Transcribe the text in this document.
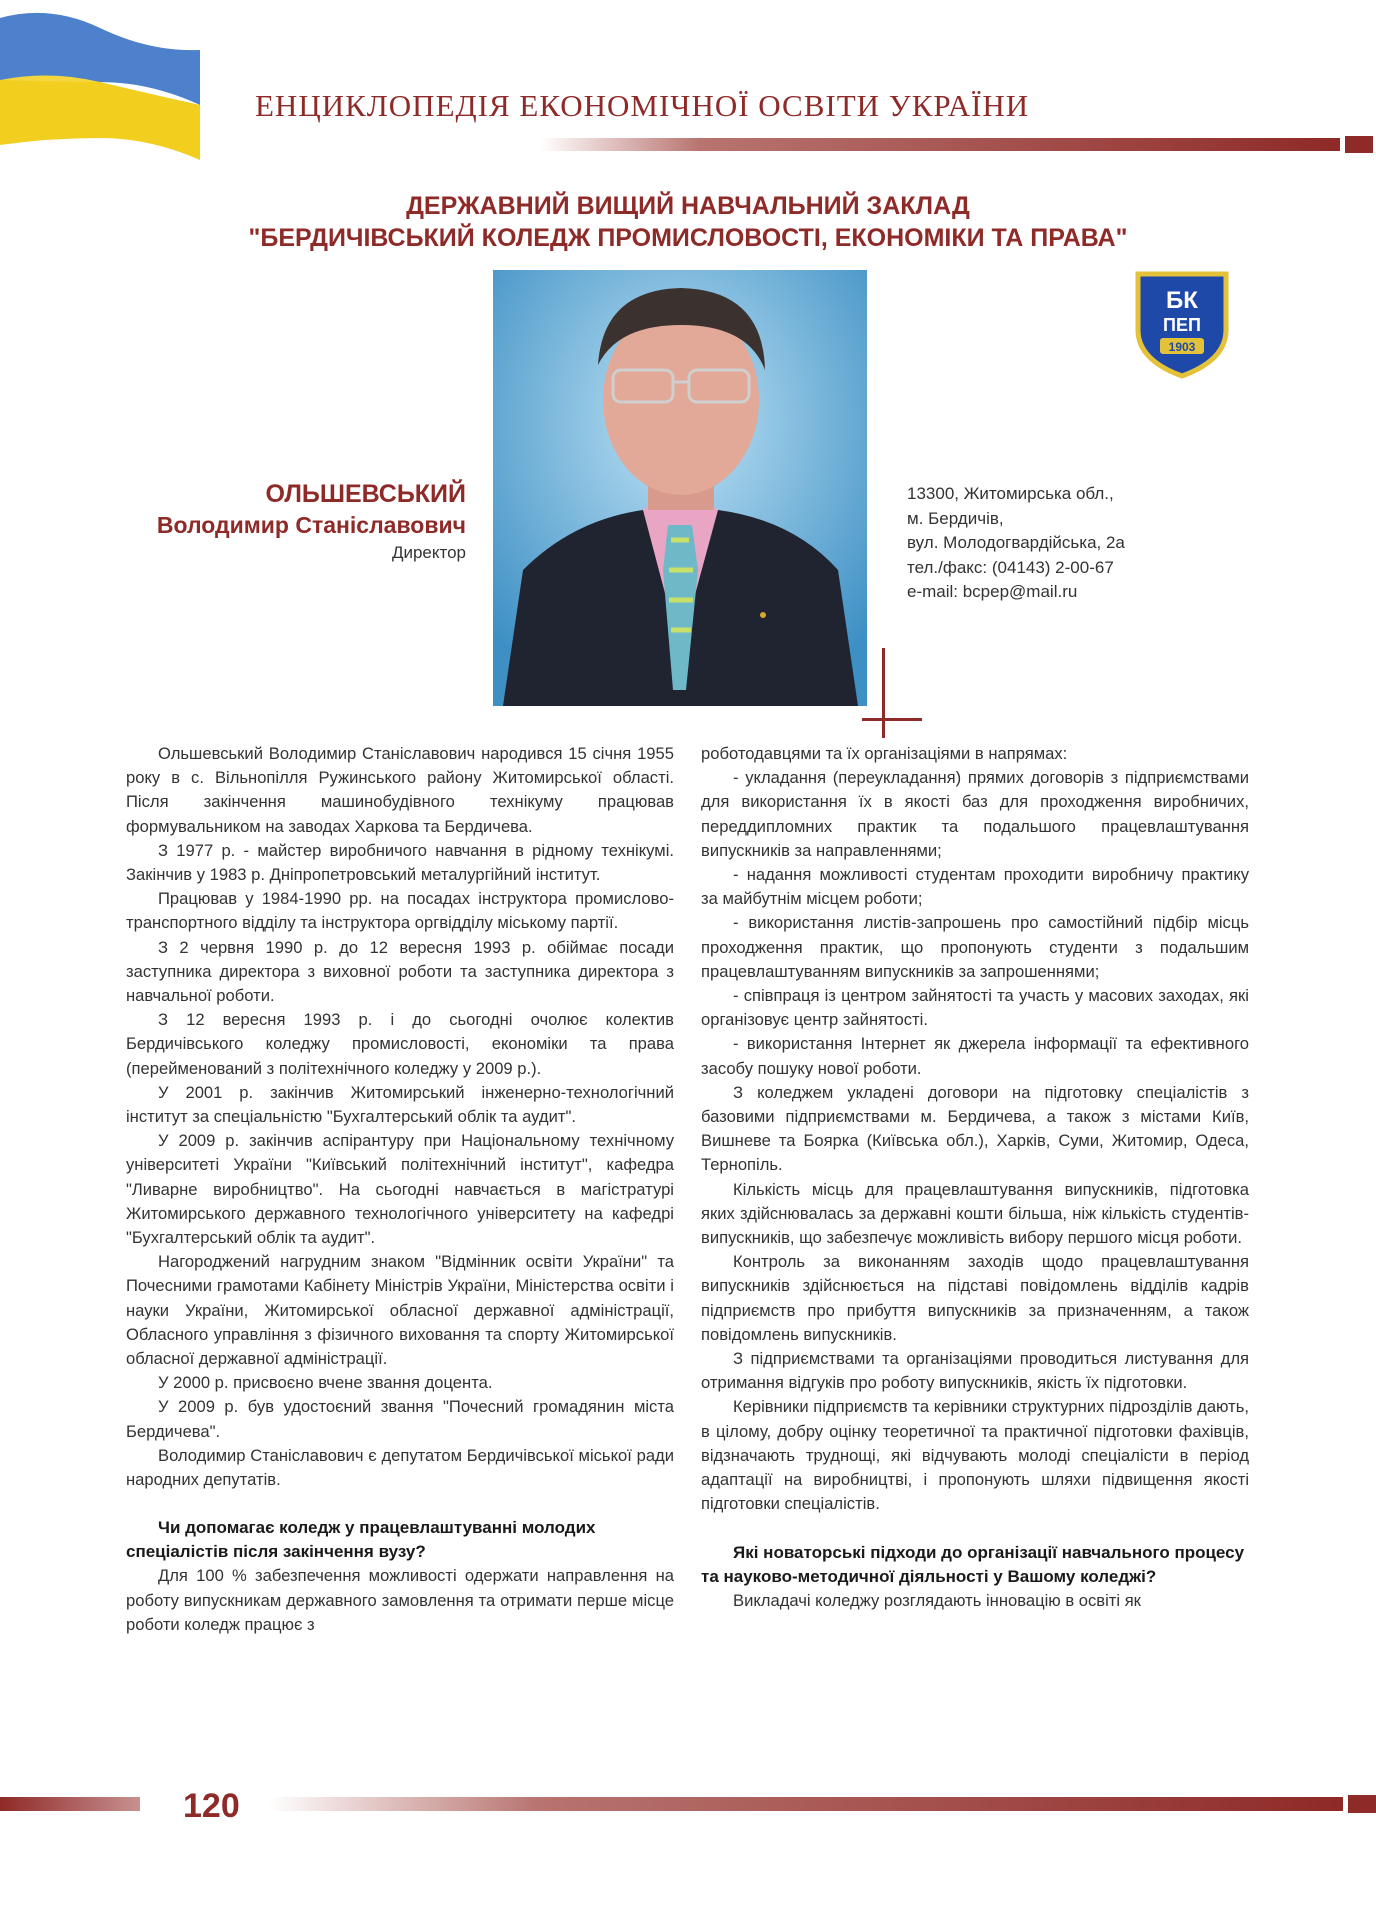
ЕНЦИКЛОПЕДІЯ ЕКОНОМІЧНОЇ ОСВІТИ УКРАЇНИ
ДЕРЖАВНИЙ ВИЩИЙ НАВЧАЛЬНИЙ ЗАКЛАД
"БЕРДИЧІВСЬКИЙ КОЛЕДЖ ПРОМИСЛОВОСТІ, ЕКОНОМІКИ ТА ПРАВА"
ОЛЬШЕВСЬКИЙ
Володимир Станіславович
Директор
13300, Житомирська обл.,
м. Бердичів,
вул. Молодогвардійська, 2а
тел./факс: (04143) 2-00-67
e-mail: bcpep@mail.ru
БК
ПЕП
1903

Ольшевський Володимир Станіславович народився 15 січня 1955 року в с. Вільнопілля Ружинського району Житомирської області. Після закінчення машинобудівного технікуму працював формувальником на заводах Харкова та Бердичева.

З 1977 р. - майстер виробничого навчання в рідному технікумі. Закінчив у 1983 р. Дніпропетровський металургійний інститут.

Працював у 1984-1990 рр. на посадах інструктора промислово-транспортного відділу та інструктора оргвідділу міському партії.

З 2 червня 1990 р. до 12 вересня 1993 р. обіймає посади заступника директора з виховної роботи та заступника директора з навчальної роботи.

З 12 вересня 1993 р. і до сьогодні очолює колектив Бердичівського коледжу промисловості, економіки та права (перейменований з політехнічного коледжу у 2009 р.).

У 2001 р. закінчив Житомирський інженерно-технологічний інститут за спеціальністю "Бухгалтерський облік та аудит".

У 2009 р. закінчив аспірантуру при Національному технічному університеті України "Київський політехнічний інститут", кафедра "Ливарне виробництво". На сьогодні навчається в магістратурі Житомирського державного технологічного університету на кафедрі "Бухгалтерський облік та аудит".

Нагороджений нагрудним знаком "Відмінник освіти України" та Почесними грамотами Кабінету Міністрів України, Міністерства освіти і науки України, Житомирської обласної державної адміністрації, Обласного управління з фізичного виховання та спорту Житомирської обласної державної адміністрації.

У 2000 р. присвоєно вчене звання доцента.

У 2009 р. був удостоєний звання "Почесний громадянин міста Бердичева".

Володимир Станіславович є депутатом Бердичівської міської ради народних депутатів.

Чи допомагає коледж у працевлаштуванні молодих спеціалістів після закінчення вузу?

Для 100 % забезпечення можливості одержати направлення на роботу випускникам державного замовлення та отримати перше місце роботи коледж працює з

роботодавцями та їх організаціями в напрямах:

- укладання (переукладання) прямих договорів з підприємствами для використання їх в якості баз для проходження виробничих, переддипломних практик та подальшого працевлаштування випускників за направленнями;

- надання можливості студентам проходити виробничу практику за майбутнім місцем роботи;

- використання листів-запрошень про самостійний підбір місць проходження практик, що пропонують студенти з подальшим працевлаштуванням випускників за запрошеннями;

- співпраця із центром зайнятості та участь у масових заходах, які організовує центр зайнятості.

- використання Інтернет як джерела інформації та ефективного засобу пошуку нової роботи.

З коледжем укладені договори на підготовку спеціалістів з базовими підприємствами м. Бердичева, а також з містами Київ, Вишневе та Боярка (Київська обл.), Харків, Суми, Житомир, Одеса, Тернопіль.

Кількість місць для працевлаштування випускників, підготовка яких здійснювалась за державні кошти більша, ніж кількість студентів-випускників, що забезпечує можливість вибору першого місця роботи.

Контроль за виконанням заходів щодо працевлаштування випускників здійснюється на підставі повідомлень відділів кадрів підприємств про прибуття випускників за призначенням, а також повідомлень випускників.

З підприємствами та організаціями проводиться листування для отримання відгуків про роботу випускників, якість їх підготовки.

Керівники підприємств та керівники структурних підрозділів дають, в цілому, добру оцінку теоретичної та практичної підготовки фахівців, відзначають труднощі, які відчувають молоді спеціалісти в період адаптації на виробництві, і пропонують шляхи підвищення якості підготовки спеціалістів.

Які новаторські підходи до організації навчального процесу та науково-методичної діяльності у Вашому коледжі?

Викладачі коледжу розглядають інновацію в освіті як

120
